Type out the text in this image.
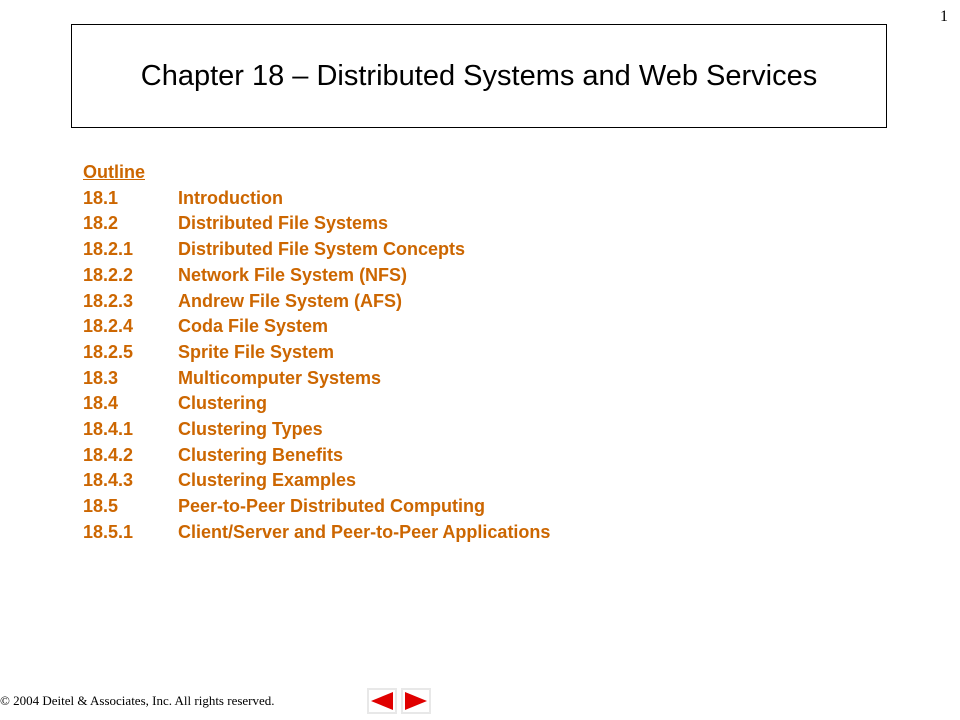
1
Chapter 18 – Distributed Systems and Web Services
Outline
18.1	Introduction
18.2	Distributed File Systems
18.2.1	Distributed File System Concepts
18.2.2	Network File System (NFS)
18.2.3	Andrew File System (AFS)
18.2.4	Coda File System
18.2.5	Sprite File System
18.3	Multicomputer Systems
18.4	Clustering
18.4.1	Clustering Types
18.4.2	Clustering Benefits
18.4.3	Clustering Examples
18.5	Peer-to-Peer Distributed Computing
18.5.1	Client/Server and Peer-to-Peer Applications
© 2004 Deitel & Associates, Inc. All rights reserved.
